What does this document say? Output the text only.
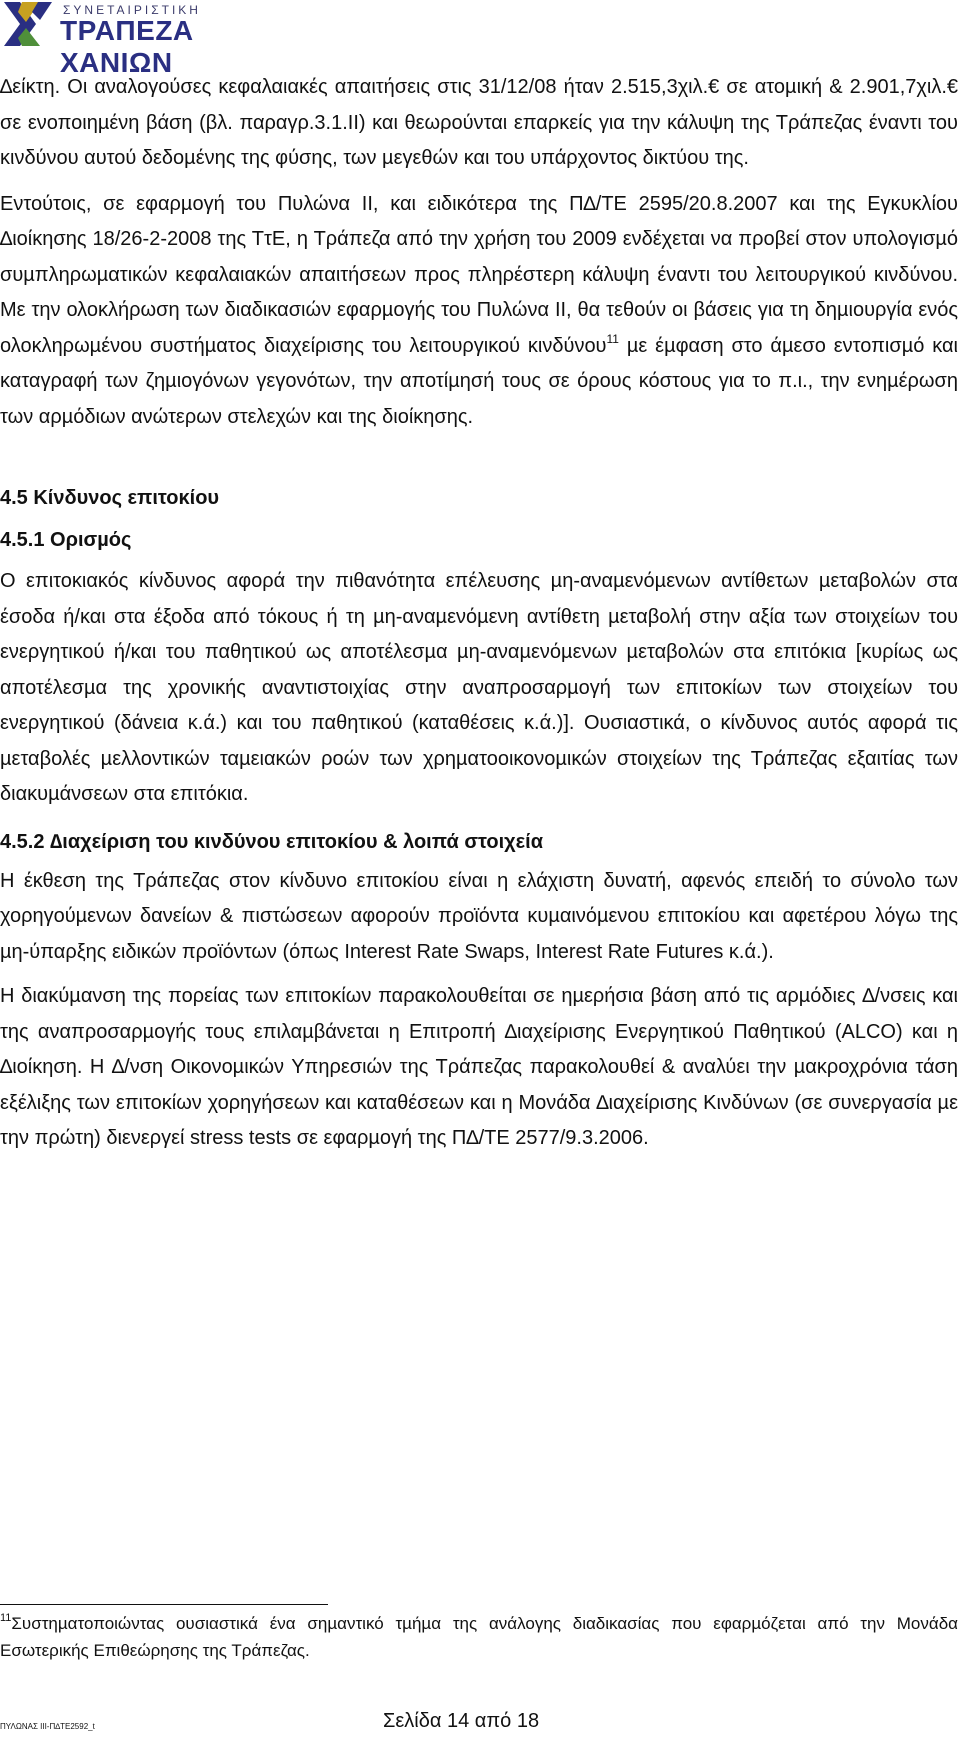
ΣΥΝΕΤΑΙΡΙΣΤΙΚΗ
ΤΡΑΠΕΖΑ ΧΑΝΙΩΝ

∆είκτη. Οι αναλογούσες κεφαλαιακές απαιτήσεις στις 31/12/08 ήταν 2.515,3χιλ.€ σε ατοµική & 2.901,7χιλ.€ σε ενοποιηµένη βάση (βλ. παραγρ.3.1.ΙΙ) και θεωρούνται επαρκείς για την κάλυψη της Τράπεζας έναντι του κινδύνου αυτού δεδοµένης της φύσης, των µεγεθών και του υπάρχοντος δικτύου της.

Εντούτοις, σε εφαρµογή του Πυλώνα ΙΙ, και ειδικότερα της Π∆/ΤΕ 2595/20.8.2007 και της Εγκυκλίου ∆ιοίκησης 18/26-2-2008 της ΤτΕ, η Τράπεζα από την χρήση του 2009 ενδέχεται να προβεί στον υπολογισµό συµπληρωµατικών κεφαλαιακών απαιτήσεων προς πληρέστερη κάλυψη έναντι του λειτουργικού κινδύνου. Με την ολοκλήρωση των διαδικασιών εφαρµογής του Πυλώνα ΙΙ, θα τεθούν οι βάσεις για τη δηµιουργία ενός ολοκληρωµένου συστήµατος διαχείρισης του λειτουργικού κινδύνου$^{11}$ µε έµφαση στο άµεσο εντοπισµό και καταγραφή των ζηµιογόνων γεγονότων, την αποτίµησή τους σε όρους κόστους για το π.ι., την ενηµέρωση των αρµόδιων ανώτερων στελεχών και της διοίκησης.

4.5 Κίνδυνος επιτοκίου

4.5.1 Ορισµός

Ο επιτοκιακός κίνδυνος αφορά την πιθανότητα επέλευσης µη-αναµενόµενων αντίθετων µεταβολών στα έσοδα ή/και στα έξοδα από τόκους ή τη µη-αναµενόµενη αντίθετη µεταβολή στην αξία των στοιχείων του ενεργητικού ή/και του παθητικού ως αποτέλεσµα µη-αναµενόµενων µεταβολών στα επιτόκια [κυρίως ως αποτέλεσµα της χρονικής αναντιστοιχίας στην αναπροσαρµογή των επιτοκίων των στοιχείων του ενεργητικού (δάνεια κ.ά.) και του παθητικού (καταθέσεις κ.ά.)]. Ουσιαστικά, ο κίνδυνος αυτός αφορά τις µεταβολές µελλοντικών ταµειακών ροών των χρηµατοοικονοµικών στοιχείων της Τράπεζας εξαιτίας των διακυµάνσεων στα επιτόκια.

4.5.2 ∆ιαχείριση του κινδύνου επιτοκίου & λοιπά στοιχεία

Η έκθεση της Τράπεζας στον κίνδυνο επιτοκίου είναι η ελάχιστη δυνατή, αφενός επειδή το σύνολο των χορηγούµενων δανείων & πιστώσεων αφορούν προϊόντα κυµαινόµενου επιτοκίου και αφετέρου λόγω της µη-ύπαρξης ειδικών προϊόντων (όπως Interest Rate Swaps, Interest Rate Futures κ.ά.).

Η διακύµανση της πορείας των επιτοκίων παρακολουθείται σε ηµερήσια βάση από τις αρµόδιες ∆/νσεις και της αναπροσαρµογής τους επιλαµβάνεται η Επιτροπή ∆ιαχείρισης Ενεργητικού Παθητικού (ALCO) και η ∆ιοίκηση. Η ∆/νση Οικονοµικών Υπηρεσιών της Τράπεζας παρακολουθεί & αναλύει την µακροχρόνια τάση εξέλιξης των επιτοκίων χορηγήσεων και καταθέσεων και η Μονάδα ∆ιαχείρισης Κινδύνων (σε συνεργασία µε την πρώτη) διενεργεί stress tests σε εφαρµογή της Π∆/ΤΕ 2577/9.3.2006.

$^{11}$Συστηµατοποιώντας ουσιαστικά ένα σηµαντικό τµήµα της ανάλογης διαδικασίας που εφαρµόζεται από την Μονάδα Εσωτερικής Επιθεώρησης της Τράπεζας.

ΠΥΛΩΝΑΣ ΙΙΙ-Π∆ΤΕ2592_t	Σελίδα 14 από 18
